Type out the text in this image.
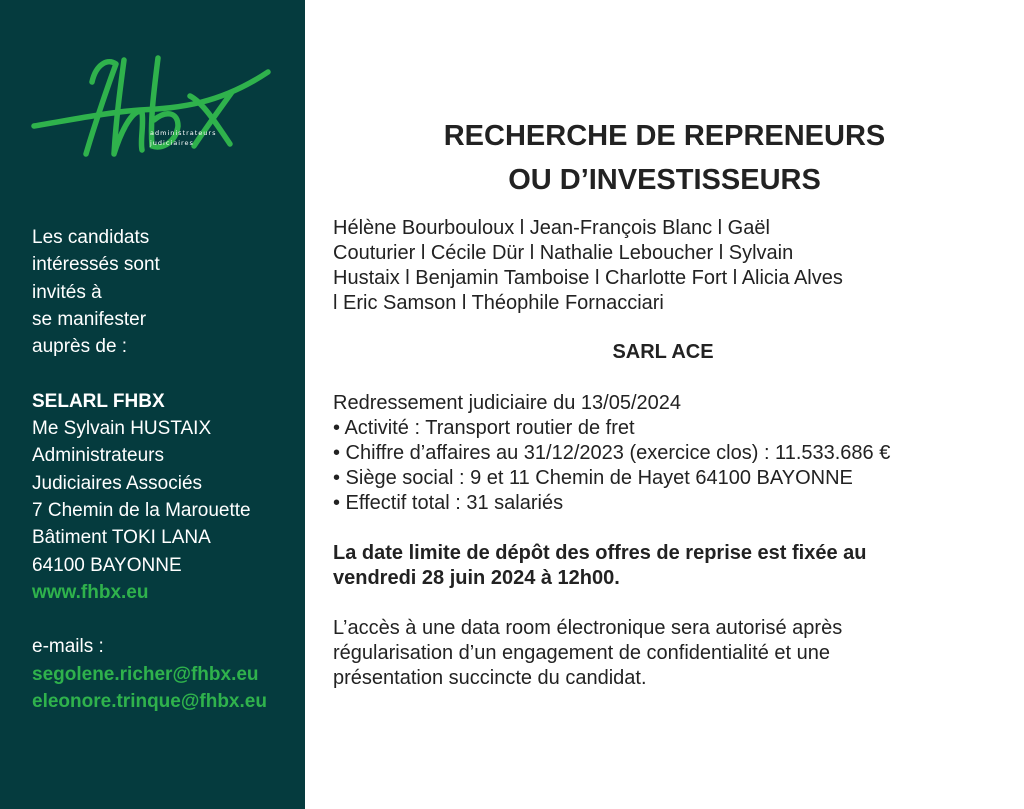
administrateurs
judiciaires
Les candidats
intéressés sont
invités à
se manifester
auprès de :
SELARL FHBX
Me Sylvain HUSTAIX
Administrateurs
Judiciaires Associés
7 Chemin de la Marouette
Bâtiment TOKI LANA
64100 BAYONNE
www.fhbx.eu
e-mails :
segolene.richer@fhbx.eu
eleonore.trinque@fhbx.eu
RECHERCHE DE REPRENEURS
OU D’INVESTISSEURS
Hélène Bourbouloux l Jean-François Blanc l Gaël
Couturier l Cécile Dür l Nathalie Leboucher l Sylvain
Hustaix l Benjamin Tamboise l Charlotte Fort l Alicia Alves
l Eric Samson l Théophile Fornacciari
SARL ACE
Redressement judiciaire du 13/05/2024
• Activité : Transport routier de fret
• Chiffre d’affaires au 31/12/2023 (exercice clos) : 11.533.686 €
• Siège social : 9 et 11 Chemin de Hayet 64100 BAYONNE
• Effectif total : 31 salariés
La date limite de dépôt des offres de reprise est fixée au
vendredi 28 juin 2024 à 12h00.
L’accès à une data room électronique sera autorisé après
régularisation d’un engagement de confidentialité et une
présentation succincte du candidat.
